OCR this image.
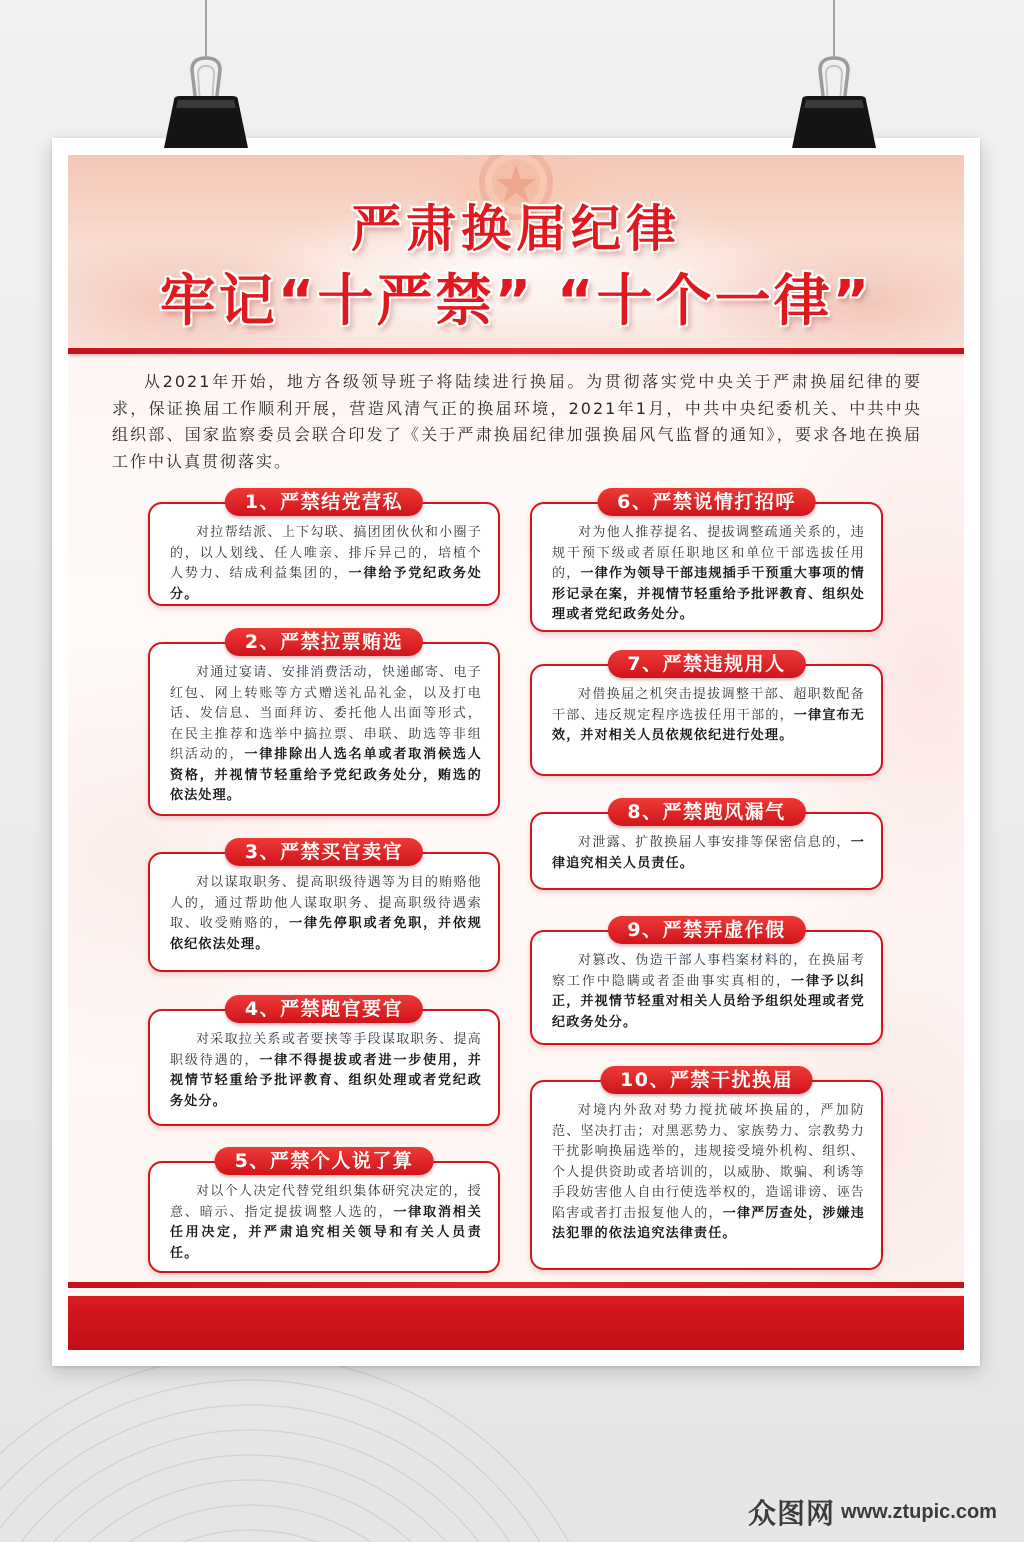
严肃换届纪律
牢记“十严禁” “十个一律”

从2021年开始，地方各级领导班子将陆续进行换届。为贯彻落实党中央关于严肃换届纪律的要求，保证换届工作顺利开展，营造风清气正的换届环境，2021年1月，中共中央纪委机关、中共中央组织部、国家监察委员会联合印发了《关于严肃换届纪律加强换届风气监督的通知》，要求各地在换届工作中认真贯彻落实。

1、严禁结党营私

对拉帮结派、上下勾联、搞团团伙伙和小圈子的，以人划线、任人唯亲、排斥异己的，培植个人势力、结成利益集团的，一律给予党纪政务处分。

2、严禁拉票贿选

对通过宴请、安排消费活动，快递邮寄、电子红包、网上转账等方式赠送礼品礼金，以及打电话、发信息、当面拜访、委托他人出面等形式，在民主推荐和选举中搞拉票、串联、助选等非组织活动的，一律排除出人选名单或者取消候选人资格，并视情节轻重给予党纪政务处分，贿选的依法处理。

3、严禁买官卖官

对以谋取职务、提高职级待遇等为目的贿赂他人的，通过帮助他人谋取职务、提高职级待遇索取、收受贿赂的，一律先停职或者免职，并依规依纪依法处理。

4、严禁跑官要官

对采取拉关系或者要挟等手段谋取职务、提高职级待遇的，一律不得提拔或者进一步使用，并视情节轻重给予批评教育、组织处理或者党纪政务处分。

5、严禁个人说了算

对以个人决定代替党组织集体研究决定的，授意、暗示、指定提拔调整人选的，一律取消相关任用决定，并严肃追究相关领导和有关人员责任。

6、严禁说情打招呼

对为他人推荐提名、提拔调整疏通关系的，违规干预下级或者原任职地区和单位干部选拔任用的，一律作为领导干部违规插手干预重大事项的情形记录在案，并视情节轻重给予批评教育、组织处理或者党纪政务处分。

7、严禁违规用人

对借换届之机突击提拔调整干部、超职数配备干部、违反规定程序选拔任用干部的，一律宣布无效，并对相关人员依规依纪进行处理。

8、严禁跑风漏气

对泄露、扩散换届人事安排等保密信息的，一律追究相关人员责任。

9、严禁弄虚作假

对篡改、伪造干部人事档案材料的，在换届考察工作中隐瞒或者歪曲事实真相的，一律予以纠正，并视情节轻重对相关人员给予组织处理或者党纪政务处分。

10、严禁干扰换届

对境内外敌对势力搅扰破坏换届的，严加防范、坚决打击；对黑恶势力、家族势力、宗教势力干扰影响换届选举的，违规接受境外机构、组织、个人提供资助或者培训的，以威胁、欺骗、利诱等手段妨害他人自由行使选举权的，造谣诽谤、诬告陷害或者打击报复他人的，一律严厉查处，涉嫌违法犯罪的依法追究法律责任。

众图网 www.ztupic.com
